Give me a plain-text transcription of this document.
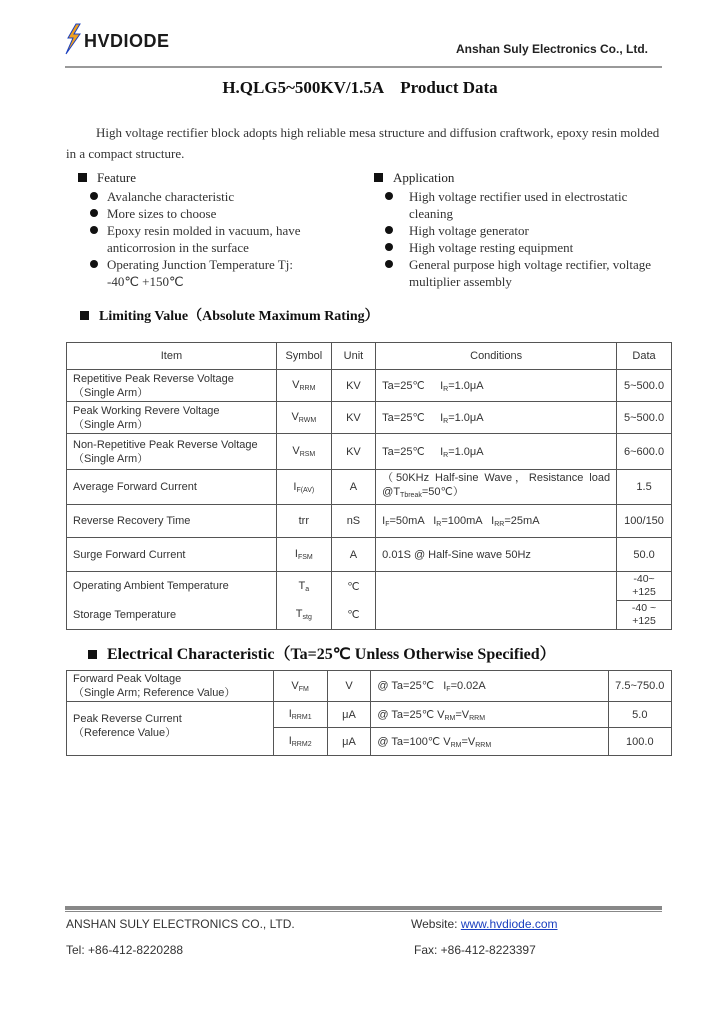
HVDIODE	Anshan Suly Electronics Co., Ltd.
H.QLG5~500KV/1.5A    Product Data
High voltage rectifier block adopts high reliable mesa structure and diffusion craftwork, epoxy resin molded in a compact structure.
Feature
Avalanche characteristic
More sizes to choose
Epoxy resin molded in vacuum, have anticorrosion in the surface
Operating Junction Temperature Tj: -40℃ +150℃
Application
High voltage rectifier used in electrostatic cleaning
High voltage generator
High voltage resting equipment
General purpose high voltage rectifier, voltage multiplier assembly
Limiting Value（Absolute Maximum Rating）
Item	Symbol	Unit	Conditions	Data

Repetitive Peak Reverse Voltage
（Single Arm）	$V_{RRM}$	KV	Ta=25℃     $I_R=1.0\mu A$	5~500.0

Peak Working Revere Voltage
（Single Arm）	$V_{RWM}$	KV	Ta=25℃     $I_R=1.0\mu A$	5~500.0

Non-Repetitive Peak Reverse Voltage
（Single Arm）	$V_{RSM}$	KV	Ta=25℃     $I_R=1.0\mu A$	6~600.0
Average Forward Current	$I_{F(AV)}$	A	（50KHz Half-sine Wave，Resistance load $@T_{Tbreak}=50℃$）	1.5
Reverse Recovery Time	trr	nS	$I_F=50mA$   $I_R=100mA$   $I_{RR}=25mA$	100/150
Surge Forward Current	$I_{FSM}$	A	0.01S @ Half-Sine wave 50Hz	50.0
Operating Ambient Temperature	$T_a$	℃		-40~
+125
Storage Temperature	$T_{stg}$	℃		-40 ~
+125
Electrical Characteristic（Ta=25℃ Unless Otherwise Specified）
Forward Peak Voltage
（Single Arm; Reference Value）	$V_{FM}$	V	@ Ta=25℃   $I_F=0.02A$	7.5~750.0

Peak Reverse Current
（Reference Value）	$I_{RRM1}$	μA	@ Ta=25℃ $V_{RM}=V_{RRM}$	5.0
	$I_{RRM2}$	μA	@ Ta=100℃ $V_{RM}=V_{RRM}$	100.0
ANSHAN SULY ELECTRONICS CO., LTD.	Website: www.hvdiode.com
Tel: +86-412-8220288	Fax: +86-412-8223397
